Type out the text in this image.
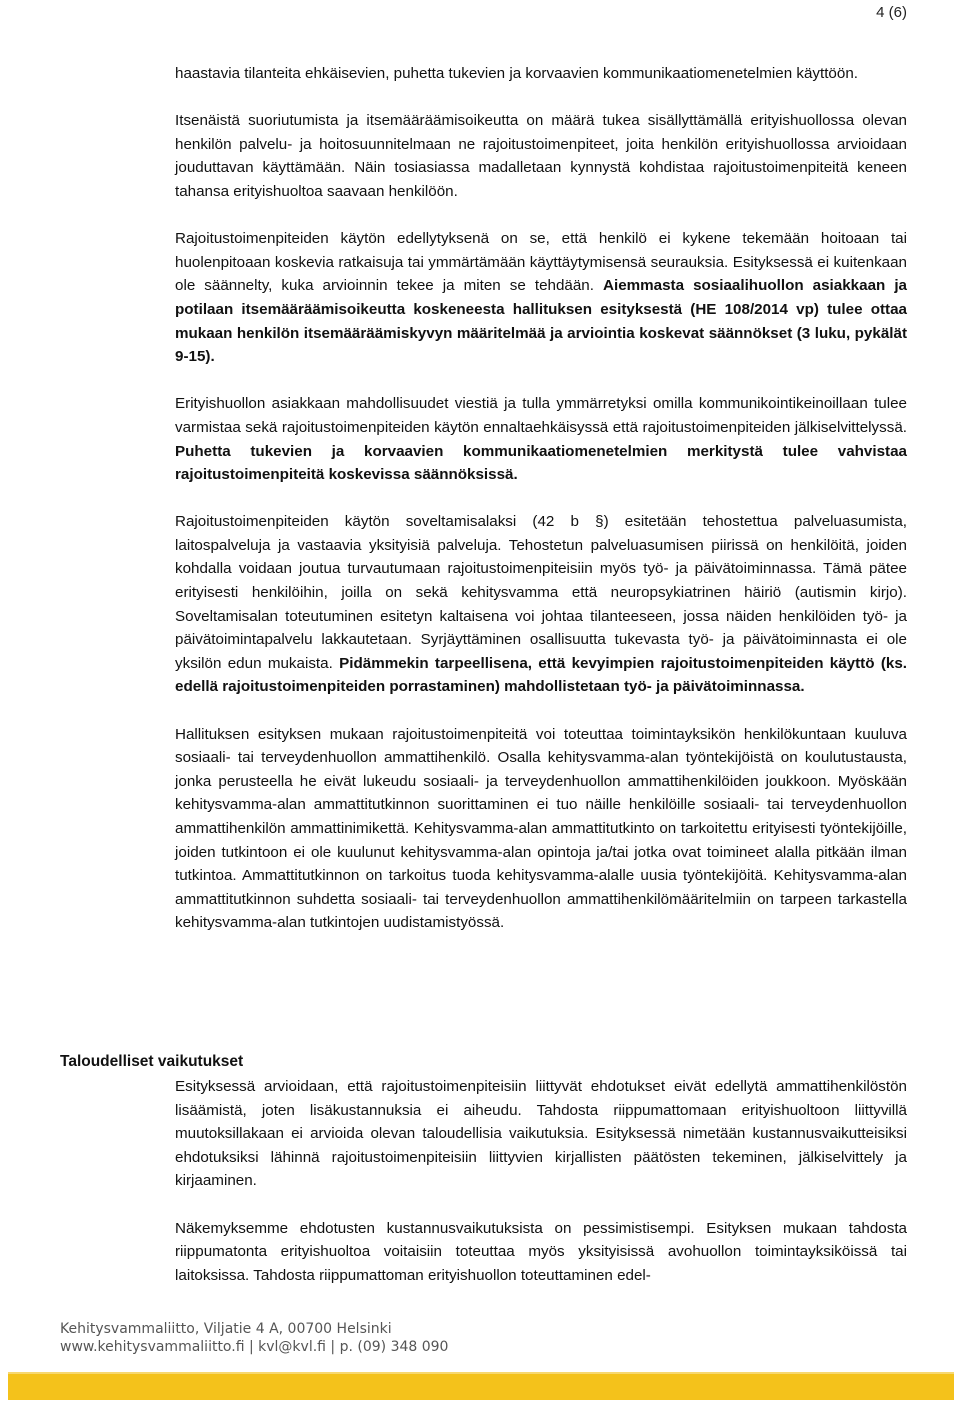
4 (6)

haastavia tilanteita ehkäisevien, puhetta tukevien ja korvaavien kommunikaatiomenetelmien käyttöön.

Itsenäistä suoriutumista ja itsemääräämisoikeutta on määrä tukea sisällyttämällä erityishuollossa olevan henkilön palvelu- ja hoitosuunnitelmaan ne rajoitustoimenpiteet, joita henkilön erityishuollossa arvioidaan jouduttavan käyttämään. Näin tosiasiassa madalletaan kynnystä kohdistaa rajoitustoimenpiteitä keneen tahansa erityishuoltoa saavaan henkilöön.

Rajoitustoimenpiteiden käytön edellytyksenä on se, että henkilö ei kykene tekemään hoitoaan tai huolenpitoaan koskevia ratkaisuja tai ymmärtämään käyttäytymisensä seurauksia. Esityksessä ei kuitenkaan ole säännelty, kuka arvioinnin tekee ja miten se tehdään. Aiemmasta sosiaalihuollon asiakkaan ja potilaan itsemääräämisoikeutta koskeneesta hallituksen esityksestä (HE 108/2014 vp) tulee ottaa mukaan henkilön itsemääräämiskyvyn määritelmää ja arviointia koskevat säännökset (3 luku, pykälät 9-15).

Erityishuollon asiakkaan mahdollisuudet viestiä ja tulla ymmärretyksi omilla kommunikointikeinoillaan tulee varmistaa sekä rajoitustoimenpiteiden käytön ennaltaehkäisyssä että rajoitustoimenpiteiden jälkiselvittelyssä. Puhetta tukevien ja korvaavien kommunikaatiomenetelmien merkitystä tulee vahvistaa rajoitustoimenpiteitä koskevissa säännöksissä.

Rajoitustoimenpiteiden käytön soveltamisalaksi (42 b §) esitetään tehostettua palveluasumista, laitospalveluja ja vastaavia yksityisiä palveluja. Tehostetun palveluasumisen piirissä on henkilöitä, joiden kohdalla voidaan joutua turvautumaan rajoitustoimenpiteisiin myös työ- ja päivätoiminnassa. Tämä pätee erityisesti henkilöihin, joilla on sekä kehitysvamma että neuropsykiatrinen häiriö (autismin kirjo). Soveltamisalan toteutuminen esitetyn kaltaisena voi johtaa tilanteeseen, jossa näiden henkilöiden työ- ja päivätoimintapalvelu lakkautetaan. Syrjäyttäminen osallisuutta tukevasta työ- ja päivätoiminnasta ei ole yksilön edun mukaista. Pidämmekin tarpeellisena, että kevyimpien rajoitustoimenpiteiden käyttö (ks. edellä rajoitustoimenpiteiden porrastaminen) mahdollistetaan työ- ja päivätoiminnassa.

Hallituksen esityksen mukaan rajoitustoimenpiteitä voi toteuttaa toimintayksikön henkilökuntaan kuuluva sosiaali- tai terveydenhuollon ammattihenkilö. Osalla kehitysvamma-alan työntekijöistä on koulutustausta, jonka perusteella he eivät lukeudu sosiaali- ja terveydenhuollon ammattihenkilöiden joukkoon. Myöskään kehitysvamma-alan ammattitutkinnon suorittaminen ei tuo näille henkilöille sosiaali- tai terveydenhuollon ammattihenkilön ammattinimikettä. Kehitysvamma-alan ammattitutkinto on tarkoitettu erityisesti työntekijöille, joiden tutkintoon ei ole kuulunut kehitysvamma-alan opintoja ja/tai jotka ovat toimineet alalla pitkään ilman tutkintoa. Ammattitutkinnon on tarkoitus tuoda kehitysvamma-alalle uusia työntekijöitä. Kehitysvamma-alan ammattitutkinnon suhdetta sosiaali- tai terveydenhuollon ammattihenkilömääritelmiin on tarpeen tarkastella kehitysvamma-alan tutkintojen uudistamistyössä.

Taloudelliset vaikutukset

Esityksessä arvioidaan, että rajoitustoimenpiteisiin liittyvät ehdotukset eivät edellytä ammattihenkilöstön lisäämistä, joten lisäkustannuksia ei aiheudu. Tahdosta riippumattomaan erityishuoltoon liittyvillä muutoksillakaan ei arvioida olevan taloudellisia vaikutuksia. Esityksessä nimetään kustannusvaikutteisiksi ehdotuksiksi lähinnä rajoitustoimenpiteisiin liittyvien kirjallisten päätösten tekeminen, jälkiselvittely ja kirjaaminen.

Näkemyksemme ehdotusten kustannusvaikutuksista on pessimistisempi. Esityksen mukaan tahdosta riippumatonta erityishuoltoa voitaisiin toteuttaa myös yksityisissä avohuollon toimintayksiköissä tai laitoksissa. Tahdosta riippumattoman erityishuollon toteuttaminen edel-

Kehitysvammaliitto, Viljatie 4 A, 00700 Helsinki
www.kehitysvammaliitto.fi | kvl@kvl.fi | p. (09) 348 090
